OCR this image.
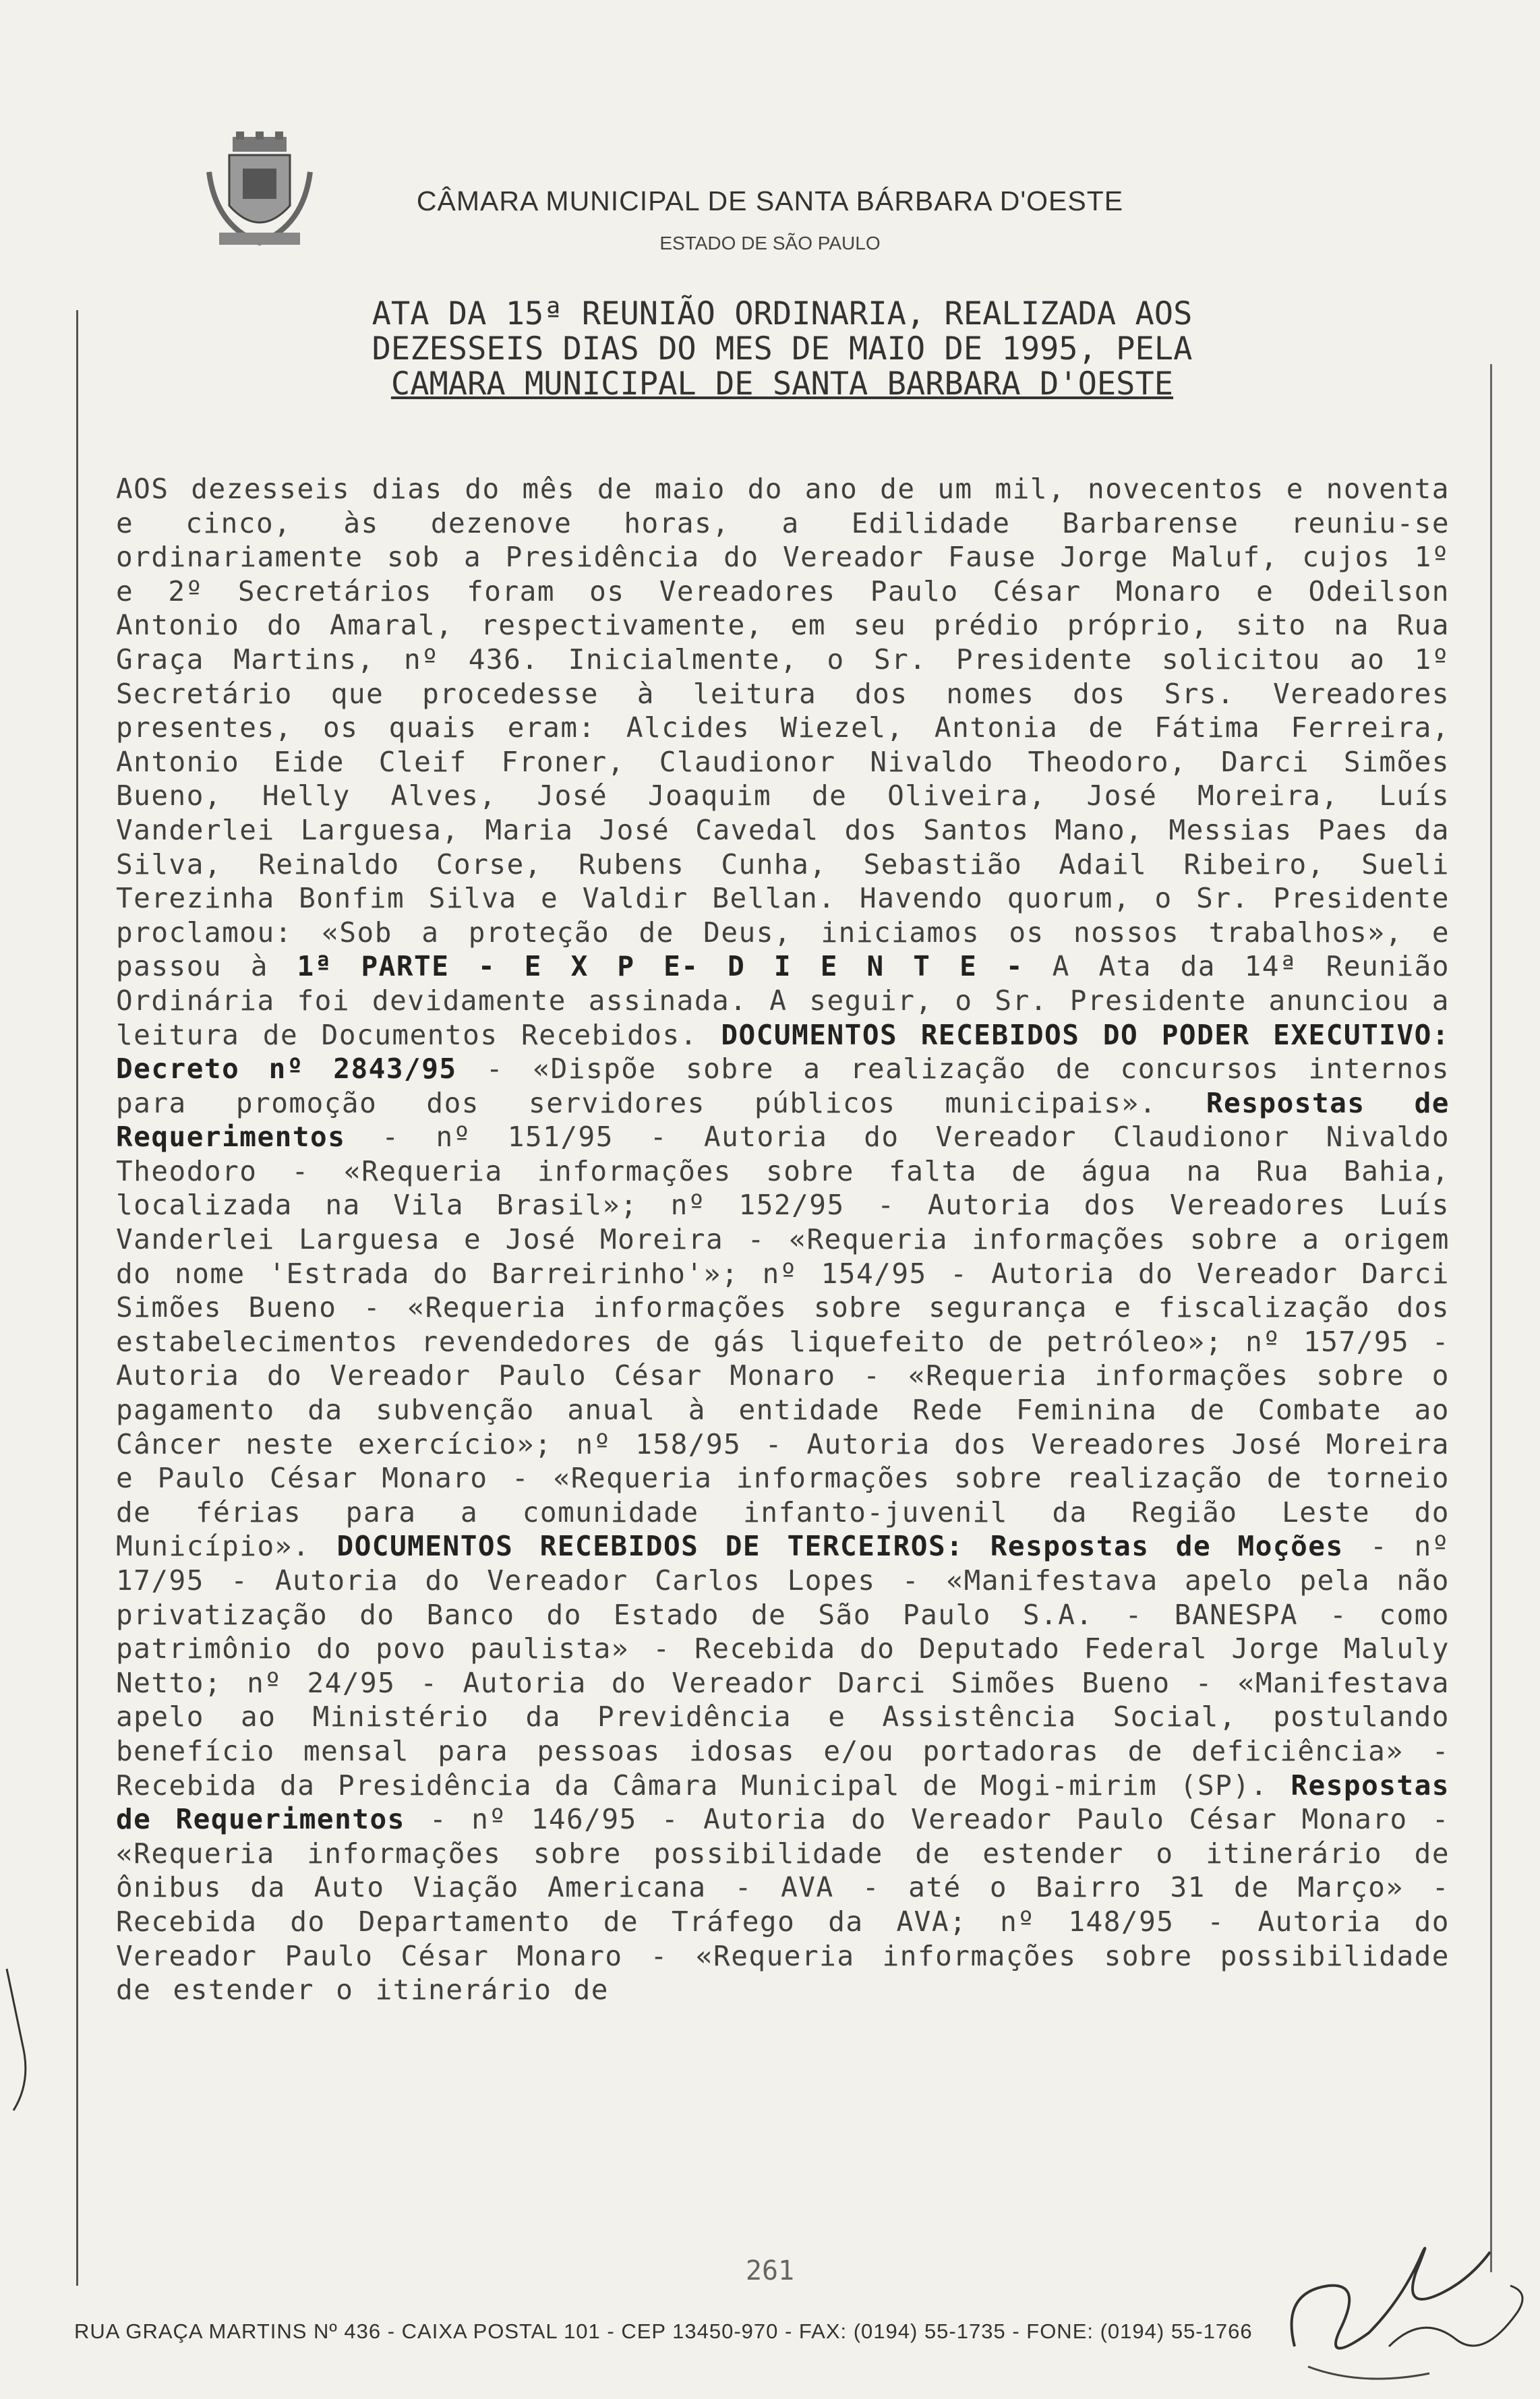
CÂMARA MUNICIPAL DE SANTA BÁRBARA D'OESTE
ESTADO DE SÃO PAULO
ATA DA 15ª REUNIÃO ORDINARIA, REALIZADA AOS
DEZESSEIS DIAS DO MES DE MAIO DE 1995, PELA
CAMARA MUNICIPAL DE SANTA BARBARA D'OESTE
AOS dezesseis dias do mês de maio do ano de um mil, novecentos e noventa e cinco, às dezenove horas, a Edilidade Barbarense reuniu-se ordinariamente sob a Presidência do Vereador Fause Jorge Maluf, cujos 1º e 2º Secretários foram os Vereadores Paulo César Monaro e Odeilson Antonio do Amaral, respectivamente, em seu prédio próprio, sito na Rua Graça Martins, nº 436. Inicialmente, o Sr. Presidente solicitou ao 1º Secretário que procedesse à leitura dos nomes dos Srs. Vereadores presentes, os quais eram: Alcides Wiezel, Antonia de Fátima Ferreira, Antonio Eide Cleif Froner, Claudionor Nivaldo Theodoro, Darci Simões Bueno, Helly Alves, José Joaquim de Oliveira, José Moreira, Luís Vanderlei Larguesa, Maria José Cavedal dos Santos Mano, Messias Paes da Silva, Reinaldo Corse, Rubens Cunha, Sebastião Adail Ribeiro, Sueli Terezinha Bonfim Silva e Valdir Bellan. Havendo quorum, o Sr. Presidente proclamou: «Sob a proteção de Deus, iniciamos os nossos trabalhos», e passou à 1ª PARTE - E X P E- D I E N T E - A Ata da 14ª Reunião Ordinária foi devidamente assinada. A seguir, o Sr. Presidente anunciou a leitura de Documentos Recebidos. DOCUMENTOS RECEBIDOS DO PODER EXECUTIVO: Decreto nº 2843/95 - «Dispõe sobre a realização de concursos internos para promoção dos servidores públicos municipais». Respostas de Requerimentos - nº 151/95 - Autoria do Vereador Claudionor Nivaldo Theodoro - «Requeria informações sobre falta de água na Rua Bahia, localizada na Vila Brasil»; nº 152/95 - Autoria dos Vereadores Luís Vanderlei Larguesa e José Moreira - «Requeria informações sobre a origem do nome 'Estrada do Barreirinho'»; nº 154/95 - Autoria do Vereador Darci Simões Bueno - «Requeria informações sobre segurança e fiscalização dos estabelecimentos revendedores de gás liquefeito de petróleo»; nº 157/95 - Autoria do Vereador Paulo César Monaro - «Requeria informações sobre o pagamento da subvenção anual à entidade Rede Feminina de Combate ao Câncer neste exercício»; nº 158/95 - Autoria dos Vereadores José Moreira e Paulo César Monaro - «Requeria informações sobre realização de torneio de férias para a comunidade infanto-juvenil da Região Leste do Município». DOCUMENTOS RECEBIDOS DE TERCEIROS: Respostas de Moções - nº 17/95 - Autoria do Vereador Carlos Lopes - «Manifestava apelo pela não privatização do Banco do Estado de São Paulo S.A. - BANESPA - como patrimônio do povo paulista» - Recebida do Deputado Federal Jorge Maluly Netto; nº 24/95 - Autoria do Vereador Darci Simões Bueno - «Manifestava apelo ao Ministério da Previdência e Assistência Social, postulando benefício mensal para pessoas idosas e/ou portadoras de deficiência» - Recebida da Presidência da Câmara Municipal de Mogi-mirim (SP). Respostas de Requerimentos - nº 146/95 - Autoria do Vereador Paulo César Monaro - «Requeria informações sobre possibilidade de estender o itinerário de ônibus da Auto Viação Americana - AVA - até o Bairro 31 de Março» - Recebida do Departamento de Tráfego da AVA; nº 148/95 - Autoria do Vereador Paulo César Monaro - «Requeria informações sobre possibilidade de estender o itinerário de
261
RUA GRAÇA MARTINS Nº 436 - CAIXA POSTAL 101 - CEP 13450-970 - FAX: (0194) 55-1735 - FONE: (0194) 55-1766
